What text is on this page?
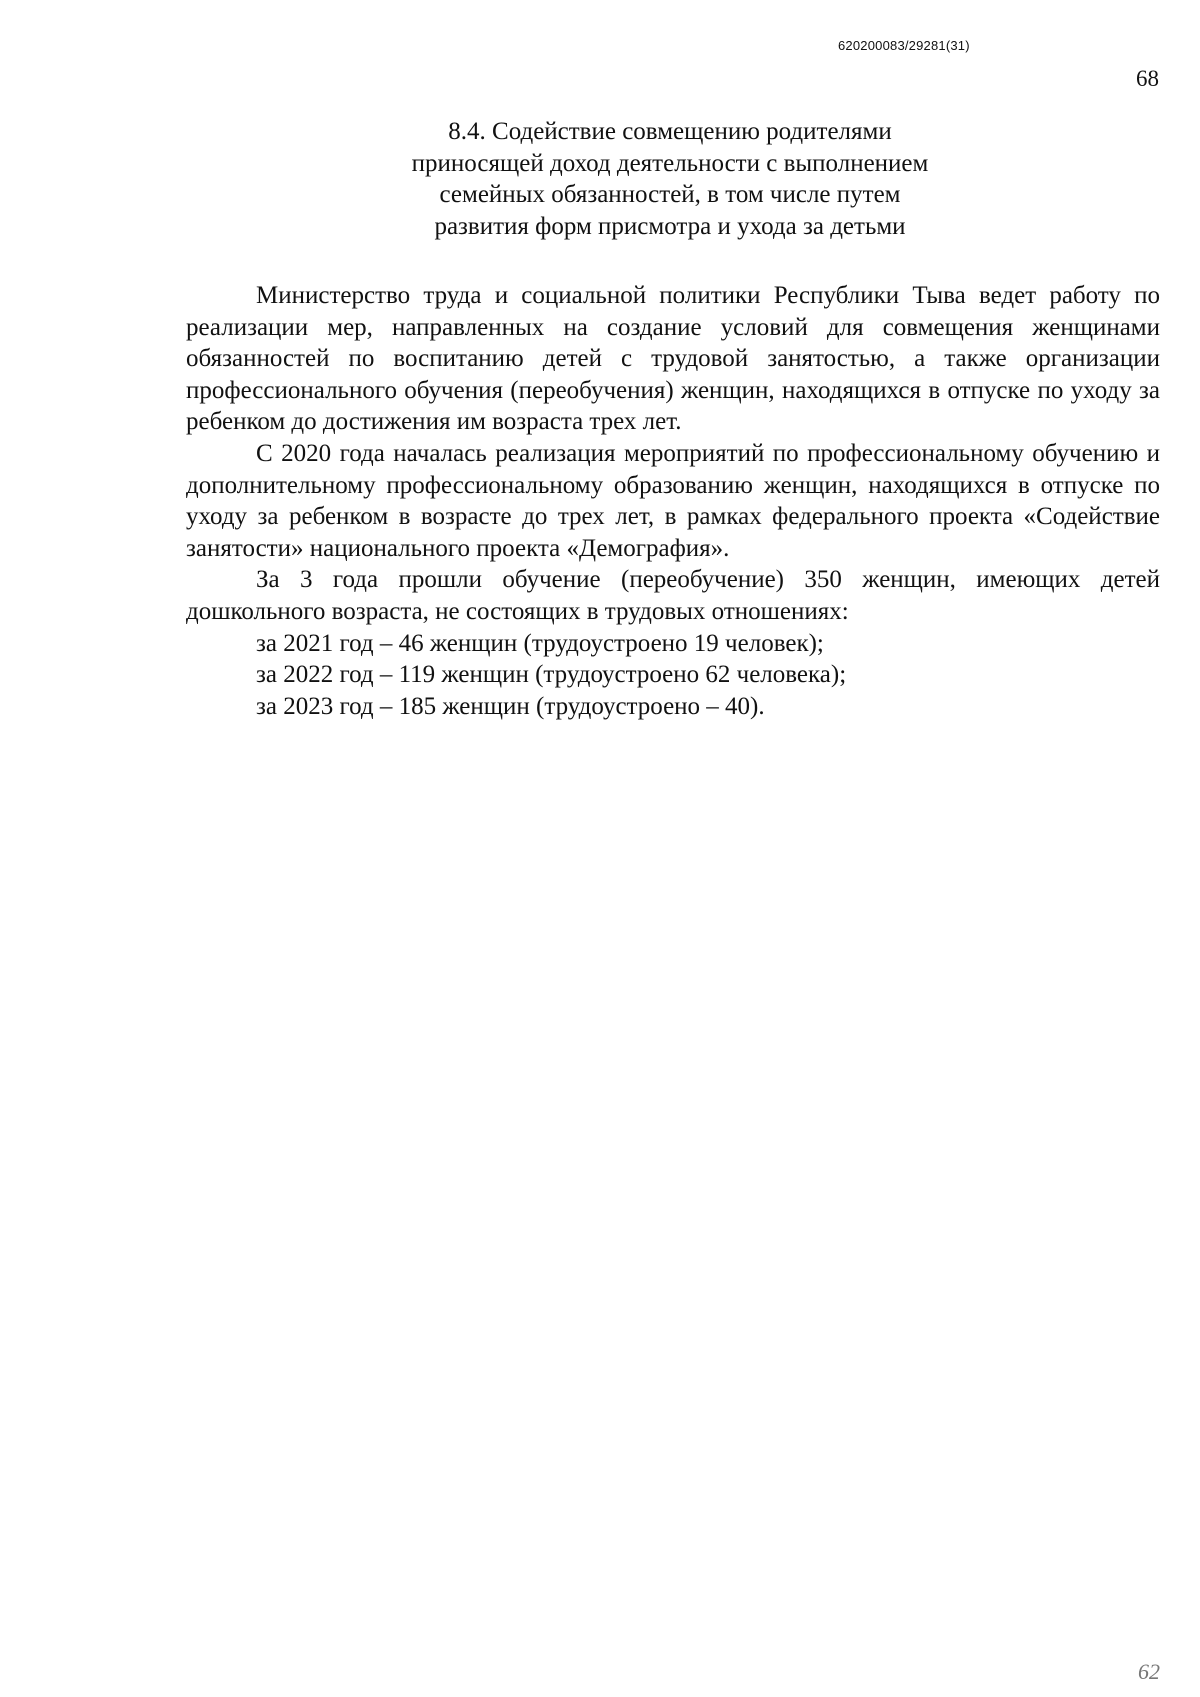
620200083/29281(31)
68
8.4. Содействие совмещению родителями
приносящей доход деятельности с выполнением
семейных обязанностей, в том числе путем
развития форм присмотра и ухода за детьми

Министерство труда и социальной политики Республики Тыва ведет работу по реализации мер, направленных на создание условий для совмещения женщинами обязанностей по воспитанию детей с трудовой занятостью, а также организации профессионального обучения (переобучения) женщин, находящихся в отпуске по уходу за ребенком до достижения им возраста трех лет.

С 2020 года началась реализация мероприятий по профессиональному обучению и дополнительному профессиональному образованию женщин, находящихся в отпуске по уходу за ребенком в возрасте до трех лет, в рамках федерального проекта «Содействие занятости» национального проекта «Демография».

За 3 года прошли обучение (переобучение) 350 женщин, имеющих детей дошкольного возраста, не состоящих в трудовых отношениях:

за 2021 год – 46 женщин (трудоустроено 19 человек);

за 2022 год – 119 женщин (трудоустроено 62 человека);

за 2023 год – 185 женщин (трудоустроено – 40).

62
